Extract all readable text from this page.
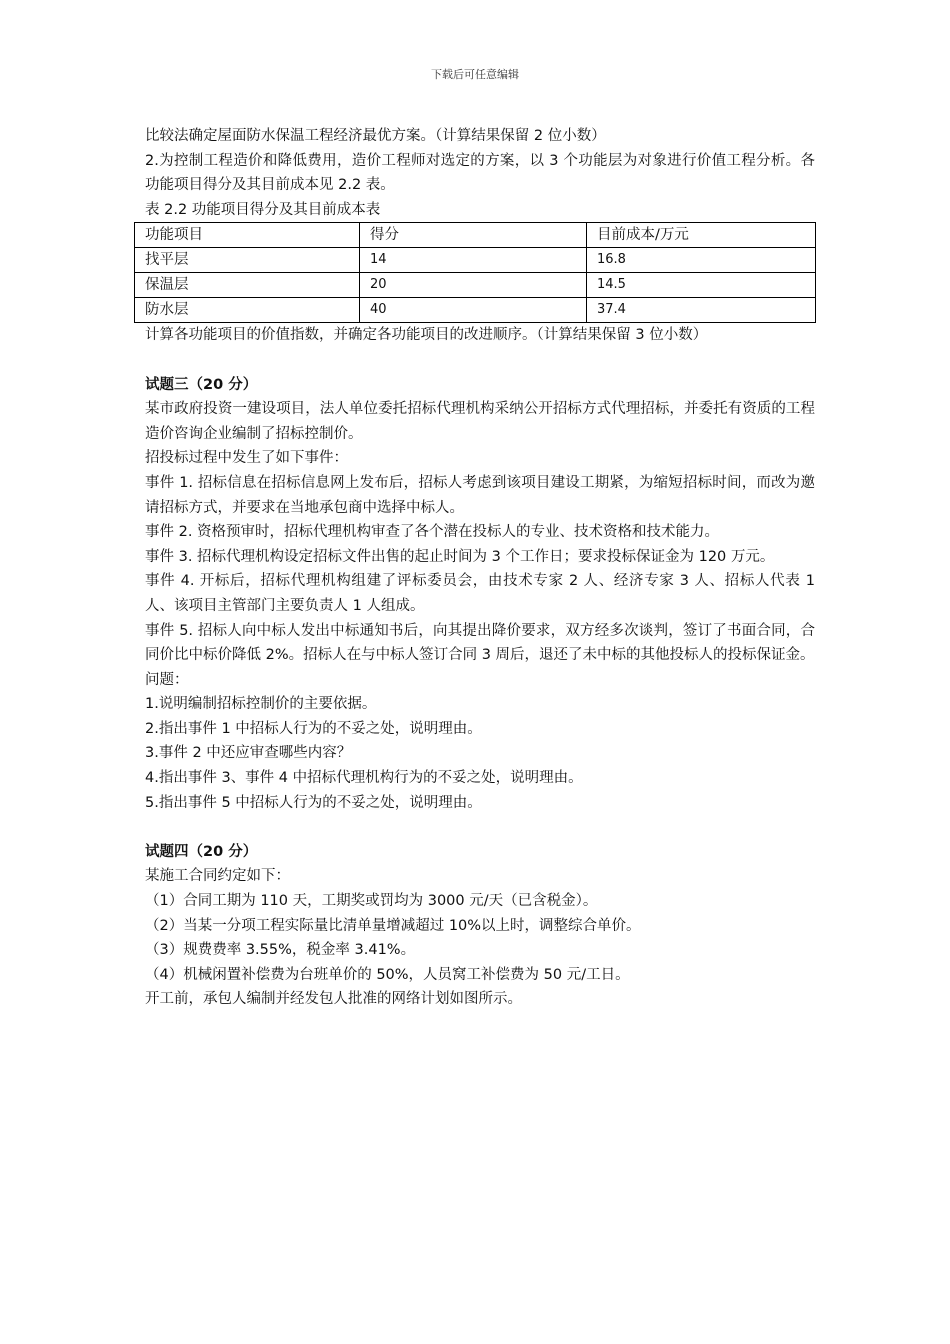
下载后可任意编辑

比较法确定屋面防水保温工程经济最优方案。（计算结果保留 2 位小数）

2.为控制工程造价和降低费用，造价工程师对选定的方案，以 3 个功能层为对象进行价值工程分析。各功能项目得分及其目前成本见 2.2 表。

表 2.2 功能项目得分及其目前成本表

功能项目	得分	目前成本/万元
找平层	14	16.8
保温层	20	14.5
防水层	40	37.4

计算各功能项目的价值指数，并确定各功能项目的改进顺序。（计算结果保留 3 位小数）

试题三（20 分）

某市政府投资一建设项目，法人单位委托招标代理机构采纳公开招标方式代理招标，并委托有资质的工程造价咨询企业编制了招标控制价。

招投标过程中发生了如下事件：

事件 1. 招标信息在招标信息网上发布后，招标人考虑到该项目建设工期紧，为缩短招标时间，而改为邀请招标方式，并要求在当地承包商中选择中标人。

事件 2. 资格预审时，招标代理机构审查了各个潜在投标人的专业、技术资格和技术能力。

事件 3. 招标代理机构设定招标文件出售的起止时间为 3 个工作日；要求投标保证金为 120 万元。

事件 4. 开标后，招标代理机构组建了评标委员会，由技术专家 2 人、经济专家 3 人、招标人代表 1 人、该项目主管部门主要负责人 1 人组成。

事件 5. 招标人向中标人发出中标通知书后，向其提出降价要求，双方经多次谈判，签订了书面合同，合同价比中标价降低 2%。招标人在与中标人签订合同 3 周后，退还了未中标的其他投标人的投标保证金。

问题：

1.说明编制招标控制价的主要依据。

2.指出事件 1 中招标人行为的不妥之处，说明理由。

3.事件 2 中还应审查哪些内容？

4.指出事件 3、事件 4 中招标代理机构行为的不妥之处，说明理由。

5.指出事件 5 中招标人行为的不妥之处，说明理由。

试题四（20 分）

某施工合同约定如下：

（1）合同工期为 110 天，工期奖或罚均为 3000 元/天（已含税金）。

（2）当某一分项工程实际量比清单量增减超过 10%以上时，调整综合单价。

（3）规费费率 3.55%，税金率 3.41%。

（4）机械闲置补偿费为台班单价的 50%，人员窝工补偿费为 50 元/工日。

开工前，承包人编制并经发包人批准的网络计划如图所示。
